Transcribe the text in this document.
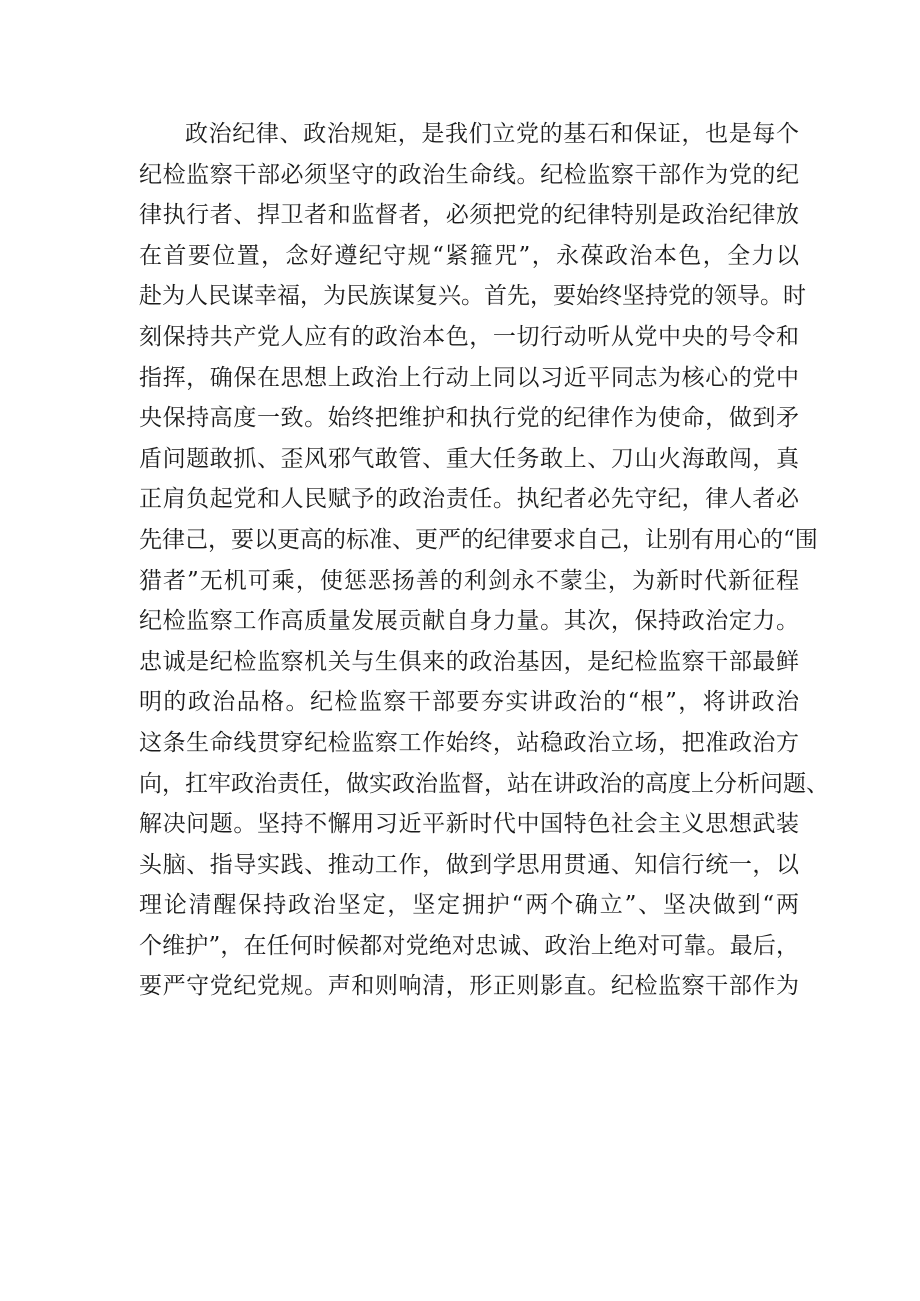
政治纪律、政治规矩，是我们立党的基石和保证，也是每个
纪检监察干部必须坚守的政治生命线。纪检监察干部作为党的纪
律执行者、捍卫者和监督者，必须把党的纪律特别是政治纪律放
在首要位置，念好遵纪守规“紧箍咒”，永葆政治本色，全力以
赴为人民谋幸福，为民族谋复兴。首先，要始终坚持党的领导。时
刻保持共产党人应有的政治本色，一切行动听从党中央的号令和
指挥，确保在思想上政治上行动上同以习近平同志为核心的党中
央保持高度一致。始终把维护和执行党的纪律作为使命，做到矛
盾问题敢抓、歪风邪气敢管、重大任务敢上、刀山火海敢闯，真
正肩负起党和人民赋予的政治责任。执纪者必先守纪，律人者必
先律己，要以更高的标准、更严的纪律要求自己，让别有用心的“围
猎者”无机可乘，使惩恶扬善的利剑永不蒙尘，为新时代新征程
纪检监察工作高质量发展贡献自身力量。其次，保持政治定力。
忠诚是纪检监察机关与生俱来的政治基因，是纪检监察干部最鲜
明的政治品格。纪检监察干部要夯实讲政治的“根”，将讲政治
这条生命线贯穿纪检监察工作始终，站稳政治立场，把准政治方
向，扛牢政治责任，做实政治监督，站在讲政治的高度上分析问题、
解决问题。坚持不懈用习近平新时代中国特色社会主义思想武装
头脑、指导实践、推动工作，做到学思用贯通、知信行统一，以
理论清醒保持政治坚定，坚定拥护“两个确立”、坚决做到“两
个维护”，在任何时候都对党绝对忠诚、政治上绝对可靠。最后，
要严守党纪党规。声和则响清，形正则影直。纪检监察干部作为
